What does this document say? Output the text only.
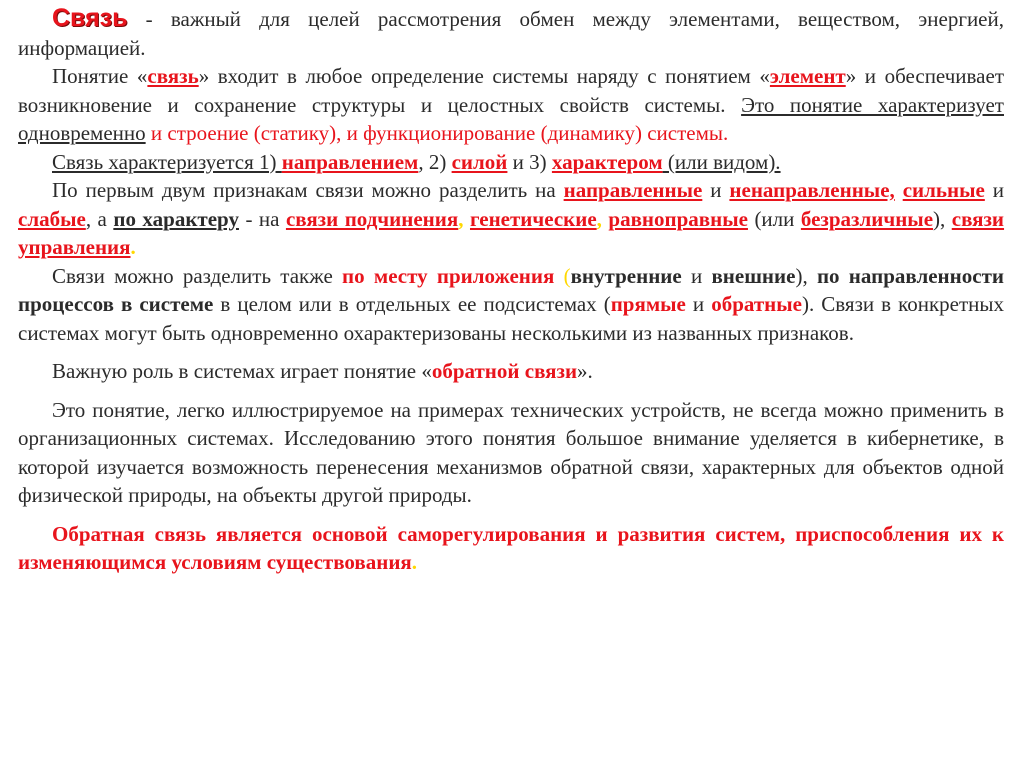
Связь - важный для целей рассмотрения обмен между элементами, веществом, энергией, информацией.

Понятие «связь» входит в любое определение системы наряду с понятием «элемент» и обеспечивает возникновение и сохранение структуры и целостных свойств системы. Это понятие характеризует одновременно и строение (статику), и функционирование (динамику) системы.

Связь характеризуется 1) направлением, 2) силой и 3) характером (или видом).

По первым двум признакам связи можно разделить на направленные и ненаправленные, сильные и слабые, а по характеру - на связи подчинения, генетические, равноправные (или безразличные), связи управления.

Связи можно разделить также по месту приложения (внутренние и внешние), по направленности процессов в системе в целом или в отдельных ее подсистемах (прямые и обратные). Связи в конкретных системах могут быть одновременно охарактеризованы несколькими из названных признаков.

Важную роль в системах играет понятие «обратной связи».

Это понятие, легко иллюстрируемое на примерах технических устройств, не всегда можно применить в организационных системах. Исследованию этого понятия большое внимание уделяется в кибернетике, в которой изучается возможность перенесения механизмов обратной связи, характерных для объектов одной физической природы, на объекты другой природы.

Обратная связь является основой саморегулирования и развития систем, приспособления их к изменяющимся условиям существования.
